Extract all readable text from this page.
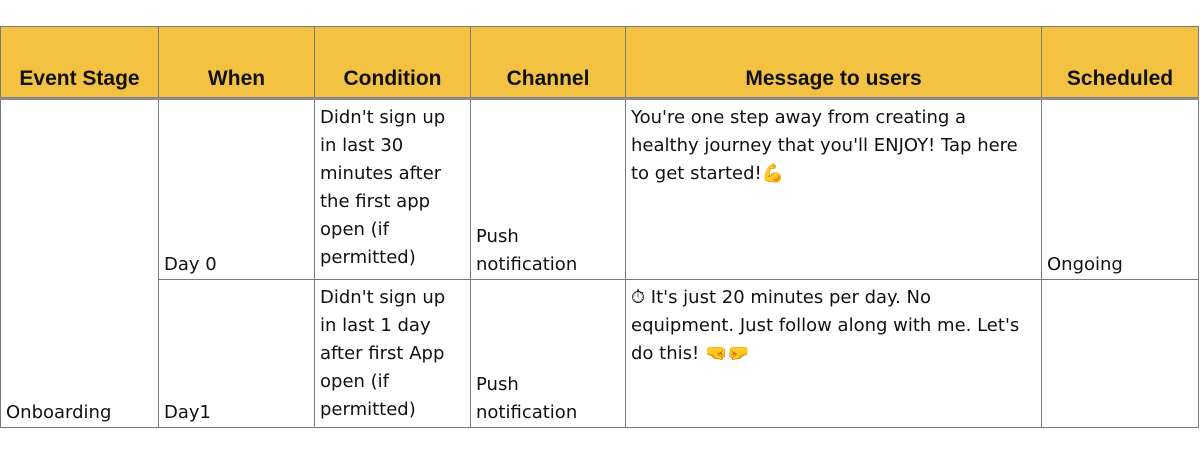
Event Stage	When	Condition	Channel	Message to users	Scheduled
	Day 0	Didn't sign up in last 30 minutes after the first app open (if permitted)	Push notification	You're one step away from creating a healthy journey that you'll ENJOY! Tap here to get started!💪	Ongoing
Onboarding	Day1	Didn't sign up in last 1 day after first App open (if permitted)	Push notification	⏱ It's just 20 minutes per day. No equipment. Just follow along with me. Let's do this! 🤜🤛	
